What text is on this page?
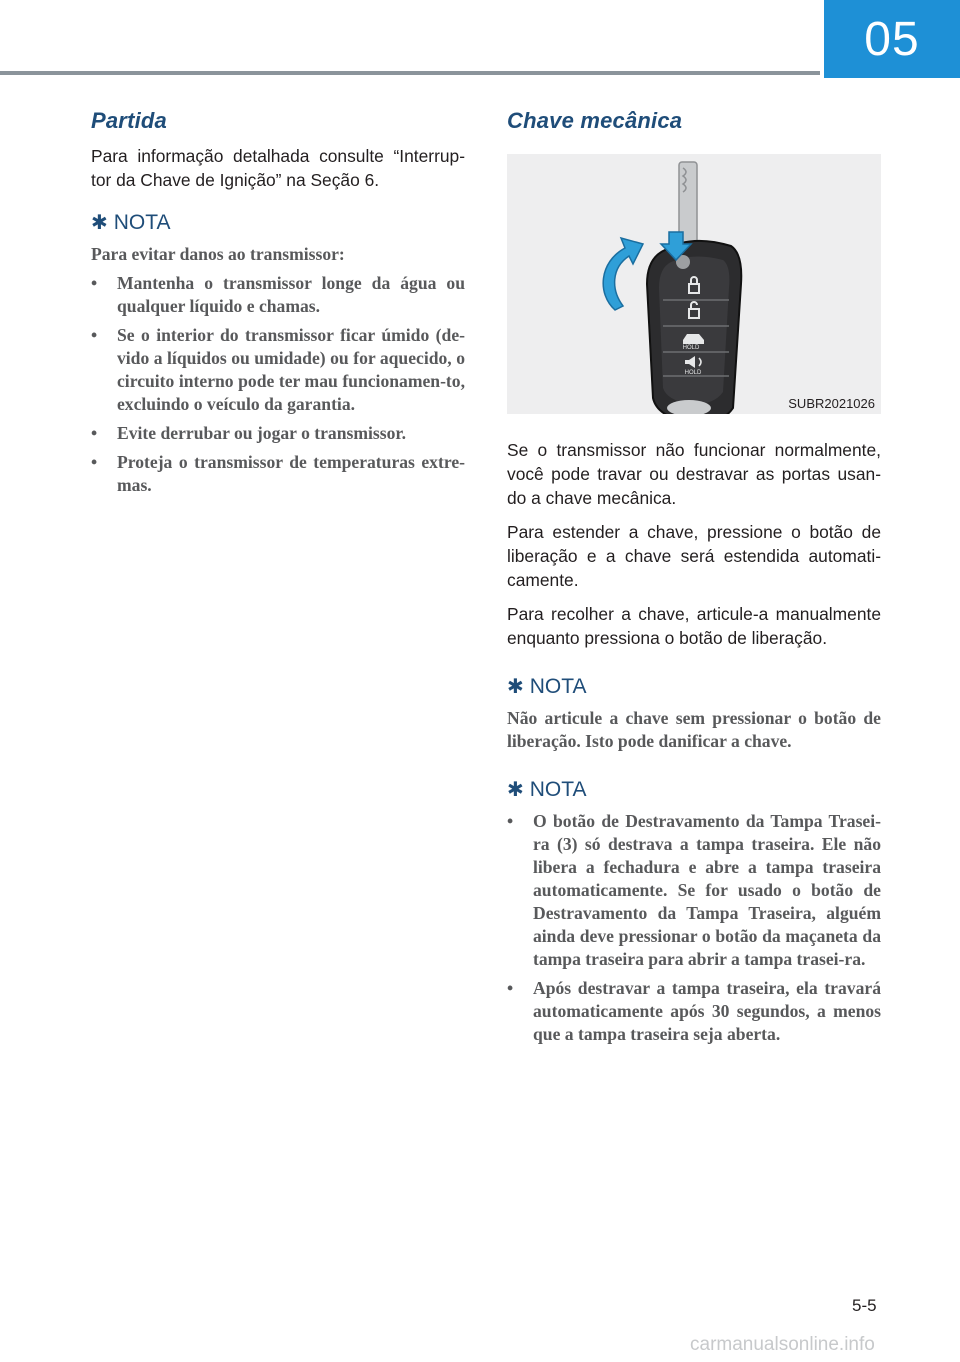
05
Partida

Para informação detalhada consulte “Interrup-tor da Chave de Ignição” na Seção 6.

✱ NOTA

Para evitar danos ao transmissor:

• Mantenha o transmissor longe da água ou qualquer líquido e chamas.
• Se o interior do transmissor ficar úmido (de-vido a líquidos ou umidade) ou for aquecido, o circuito interno pode ter mau funcionamen-to, excluindo o veículo da garantia.
• Evite derrubar ou jogar o transmissor.
• Proteja o transmissor de temperaturas extre-mas.
Chave mecânica
HOLD
HOLD
SUBR2021026

Se o transmissor não funcionar normalmente, você pode travar ou destravar as portas usan-do a chave mecânica.

Para estender a chave, pressione o botão de liberação e a chave será estendida automati-camente.

Para recolher a chave, articule-a manualmente enquanto pressiona o botão de liberação.

✱ NOTA

Não articule a chave sem pressionar o botão de liberação. Isto pode danificar a chave.

✱ NOTA
• O botão de Destravamento da Tampa Trasei-ra (3) só destrava a tampa traseira. Ele não libera a fechadura e abre a tampa traseira automaticamente. Se for usado o botão de Destravamento da Tampa Traseira, alguém ainda deve pressionar o botão da maçaneta da tampa traseira para abrir a tampa trasei-ra.
• Após destravar a tampa traseira, ela travará automaticamente após 30 segundos, a menos que a tampa traseira seja aberta.
5-5
carmanualsonline.info
